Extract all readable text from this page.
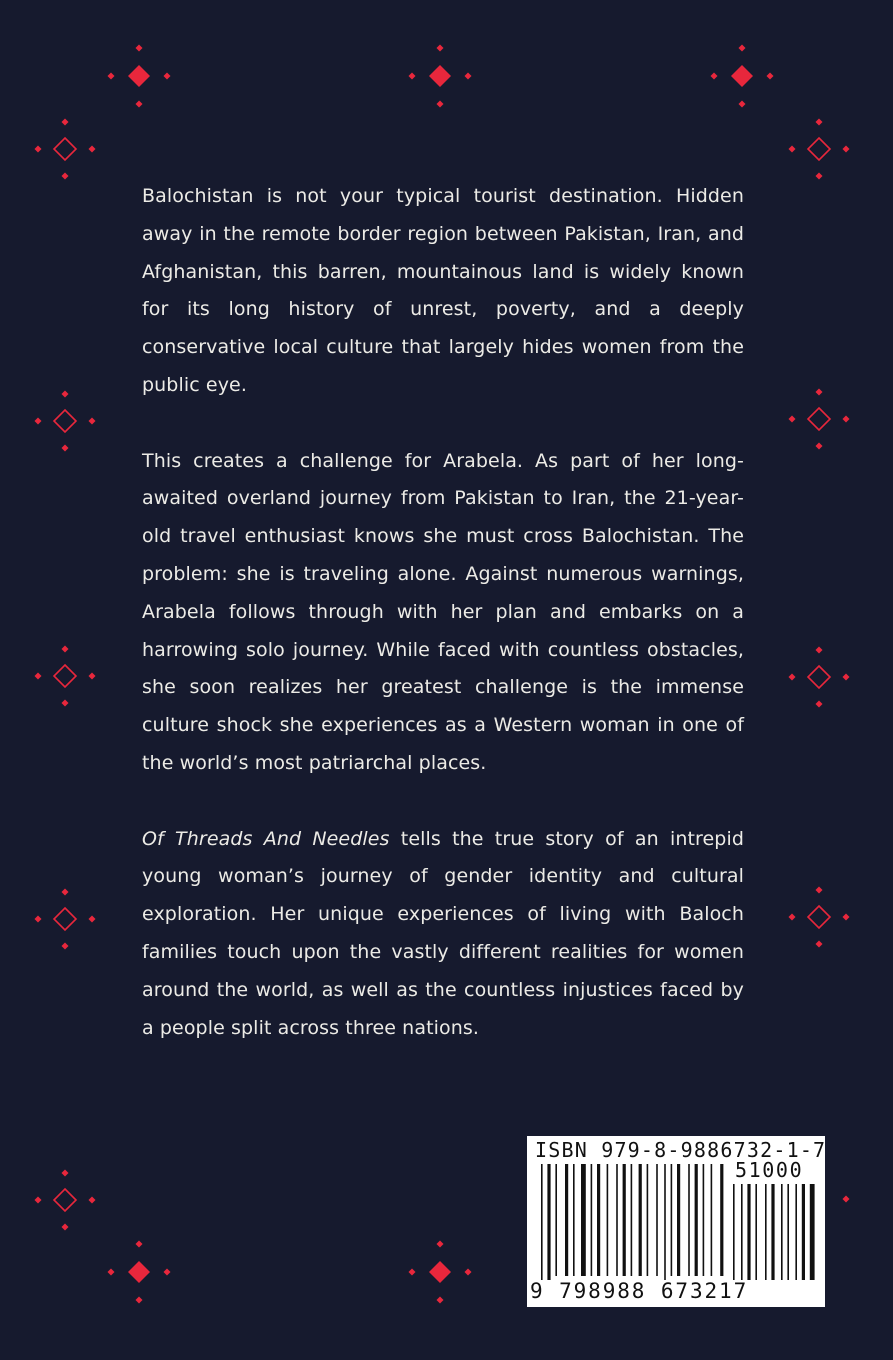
Balochistan is not your typical tourist destination. Hidden away in the remote border region between Pakistan, Iran, and Afghanistan, this barren, mountainous land is widely known for its long history of unrest, poverty, and a deeply conservative local culture that largely hides women from the public eye.

This creates a challenge for Arabela. As part of her long-awaited overland journey from Pakistan to Iran, the 21-year-old travel enthusiast knows she must cross Balochistan. The problem: she is traveling alone. Against numerous warnings, Arabela follows through with her plan and embarks on a harrowing solo journey. While faced with countless obstacles, she soon realizes her greatest challenge is the immense culture shock she experiences as a Western woman in one of the world’s most patriarchal places.

Of Threads And Needles tells the true story of an intrepid young woman’s journey of gender identity and cultural exploration. Her unique experiences of living with Baloch families touch upon the vastly different realities for women around the world, as well as the countless injustices faced by a people split across three nations.

ISBN 979-8-9886732-1-7
51000
9 798988 673217
